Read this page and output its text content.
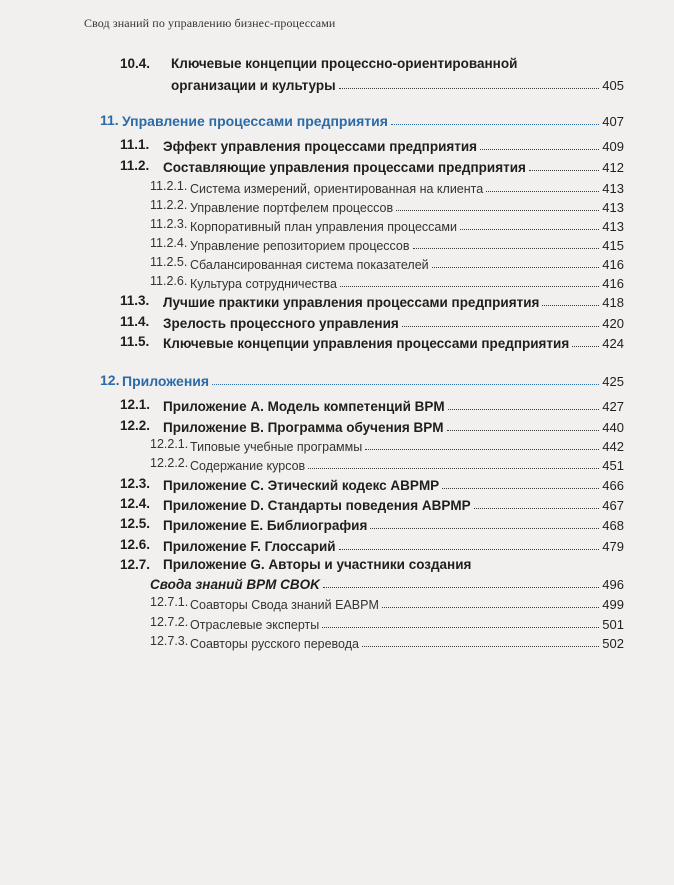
Свод знаний по управлению бизнес-процессами
10.4. Ключевые концепции процессно-ориентированной
организации и культуры	405
11. Управление процессами предприятия	407
11.1. Эффект управления процессами предприятия	409
11.2. Составляющие управления процессами предприятия	412
11.2.1. Система измерений, ориентированная на клиента	413
11.2.2. Управление портфелем процессов	413
11.2.3. Корпоративный план управления процессами	413
11.2.4. Управление репозиторием процессов	415
11.2.5. Сбалансированная система показателей	416
11.2.6. Культура сотрудничества	416
11.3. Лучшие практики управления процессами предприятия	418
11.4. Зрелость процессного управления	420
11.5. Ключевые концепции управления процессами предприятия	424
12. Приложения	425
12.1. Приложение А. Модель компетенций BPM	427
12.2. Приложение В. Программа обучения BPM	440
12.2.1. Типовые учебные программы	442
12.2.2. Содержание курсов	451
12.3. Приложение С. Этический кодекс ABPMP	466
12.4. Приложение D. Стандарты поведения ABPMP	467
12.5. Приложение Е. Библиография	468
12.6. Приложение F. Глоссарий	479
12.7. Приложение G. Авторы и участники создания
Свода знаний BPM CBOK	496
12.7.1. Соавторы Свода знаний EABPM	499
12.7.2. Отраслевые эксперты	501
12.7.3. Соавторы русского перевода	502
